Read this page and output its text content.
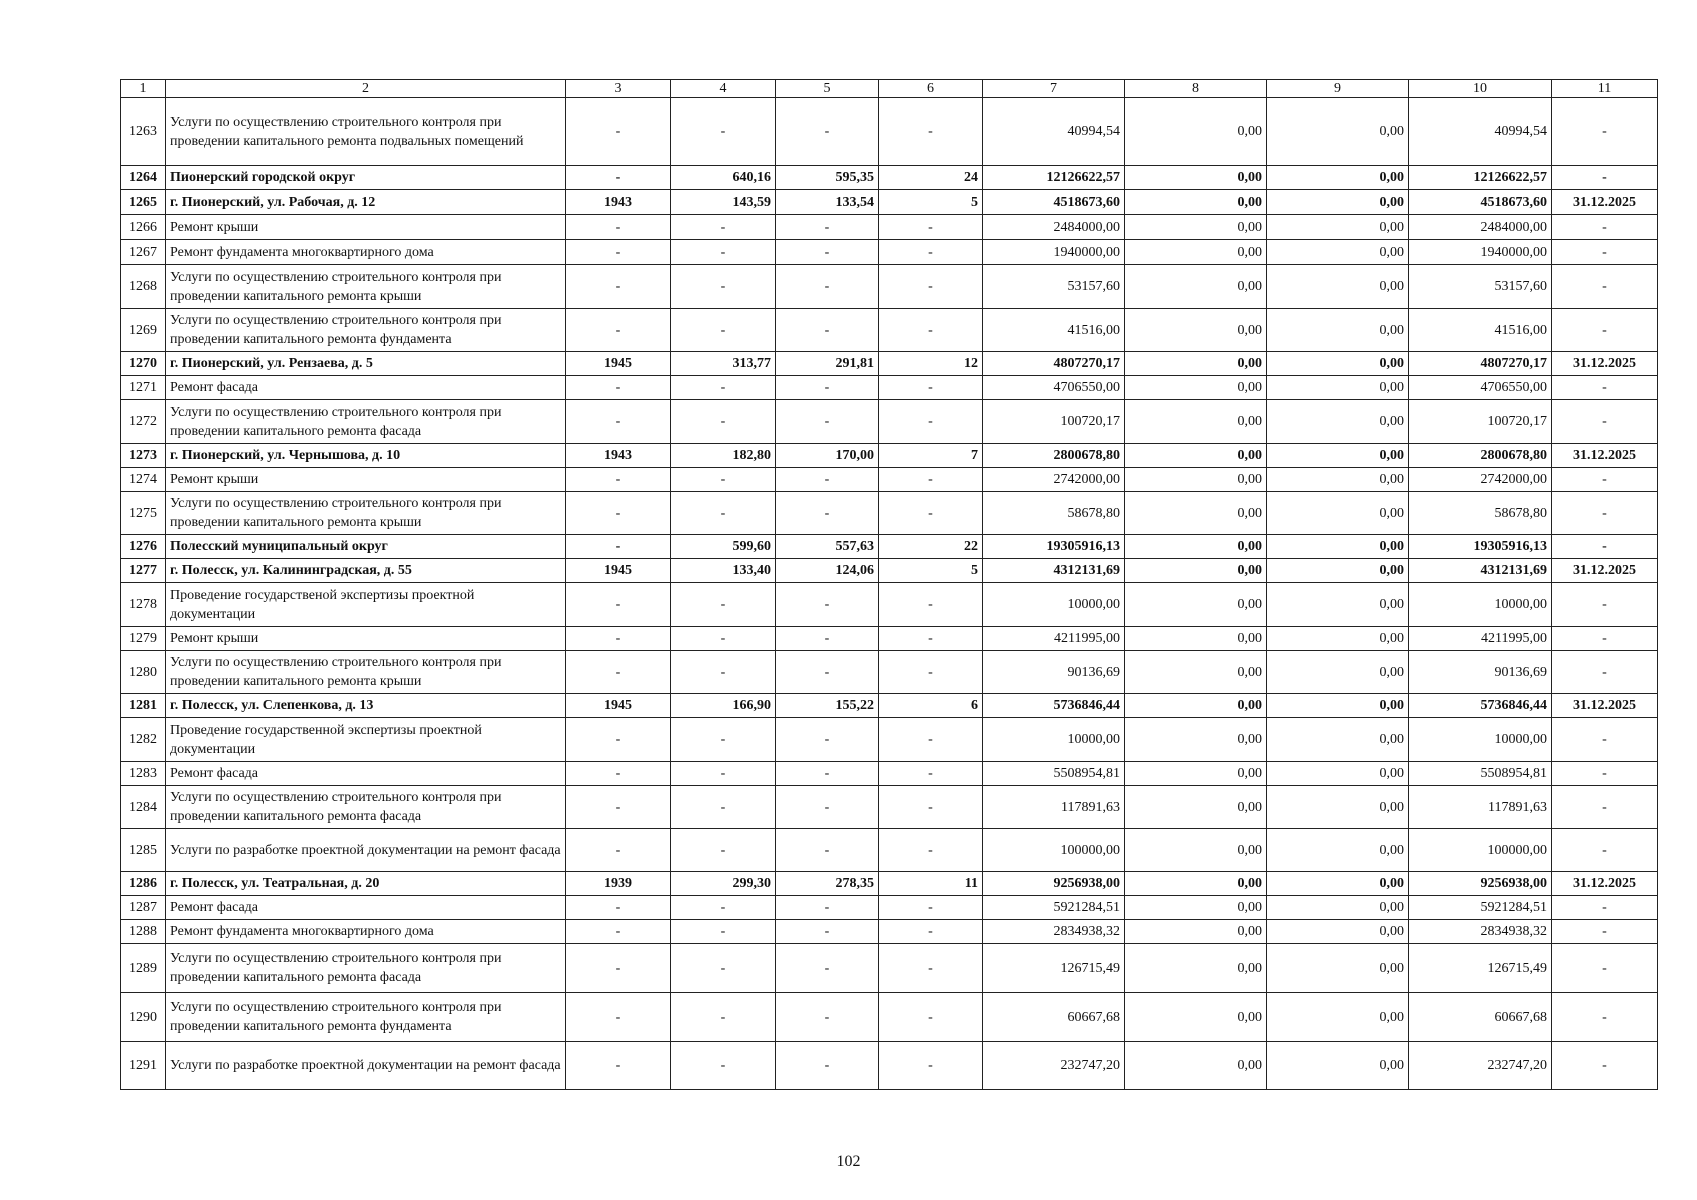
1	2	3	4	5	6	7	8	9	10	11
1263	Услуги по осуществлению строительного контроля при проведении капитального ремонта подвальных помещений	-	-	-	-	40994,54	0,00	0,00	40994,54	-
1264	Пионерский городской округ	-	640,16	595,35	24	12126622,57	0,00	0,00	12126622,57	-
1265	г. Пионерский, ул. Рабочая, д. 12	1943	143,59	133,54	5	4518673,60	0,00	0,00	4518673,60	31.12.2025
1266	Ремонт крыши	-	-	-	-	2484000,00	0,00	0,00	2484000,00	-
1267	Ремонт фундамента многоквартирного дома	-	-	-	-	1940000,00	0,00	0,00	1940000,00	-
1268	Услуги по осуществлению строительного контроля при проведении капитального ремонта крыши	-	-	-	-	53157,60	0,00	0,00	53157,60	-
1269	Услуги по осуществлению строительного контроля при проведении капитального ремонта фундамента	-	-	-	-	41516,00	0,00	0,00	41516,00	-
1270	г. Пионерский, ул. Рензаева, д. 5	1945	313,77	291,81	12	4807270,17	0,00	0,00	4807270,17	31.12.2025
1271	Ремонт фасада	-	-	-	-	4706550,00	0,00	0,00	4706550,00	-
1272	Услуги по осуществлению строительного контроля при проведении капитального ремонта фасада	-	-	-	-	100720,17	0,00	0,00	100720,17	-
1273	г. Пионерский, ул. Чернышова, д. 10	1943	182,80	170,00	7	2800678,80	0,00	0,00	2800678,80	31.12.2025
1274	Ремонт крыши	-	-	-	-	2742000,00	0,00	0,00	2742000,00	-
1275	Услуги по осуществлению строительного контроля при проведении капитального ремонта крыши	-	-	-	-	58678,80	0,00	0,00	58678,80	-
1276	Полесский муниципальный округ	-	599,60	557,63	22	19305916,13	0,00	0,00	19305916,13	-
1277	г. Полесск, ул. Калининградская, д. 55	1945	133,40	124,06	5	4312131,69	0,00	0,00	4312131,69	31.12.2025
1278	Проведение государственой экспертизы проектной документации	-	-	-	-	10000,00	0,00	0,00	10000,00	-
1279	Ремонт крыши	-	-	-	-	4211995,00	0,00	0,00	4211995,00	-
1280	Услуги по осуществлению строительного контроля при проведении капитального ремонта крыши	-	-	-	-	90136,69	0,00	0,00	90136,69	-
1281	г. Полесск, ул. Слепенкова, д. 13	1945	166,90	155,22	6	5736846,44	0,00	0,00	5736846,44	31.12.2025
1282	Проведение государственной экспертизы проектной документации	-	-	-	-	10000,00	0,00	0,00	10000,00	-
1283	Ремонт фасада	-	-	-	-	5508954,81	0,00	0,00	5508954,81	-
1284	Услуги по осуществлению строительного контроля при проведении капитального ремонта фасада	-	-	-	-	117891,63	0,00	0,00	117891,63	-
1285	Услуги по разработке проектной документации на ремонт фасада	-	-	-	-	100000,00	0,00	0,00	100000,00	-
1286	г. Полесск, ул. Театральная, д. 20	1939	299,30	278,35	11	9256938,00	0,00	0,00	9256938,00	31.12.2025
1287	Ремонт фасада	-	-	-	-	5921284,51	0,00	0,00	5921284,51	-
1288	Ремонт фундамента многоквартирного дома	-	-	-	-	2834938,32	0,00	0,00	2834938,32	-
1289	Услуги по осуществлению строительного контроля при проведении капитального ремонта фасада	-	-	-	-	126715,49	0,00	0,00	126715,49	-
1290	Услуги по осуществлению строительного контроля при проведении капитального ремонта фундамента	-	-	-	-	60667,68	0,00	0,00	60667,68	-
1291	Услуги по разработке проектной документации на ремонт фасада	-	-	-	-	232747,20	0,00	0,00	232747,20	-
102
